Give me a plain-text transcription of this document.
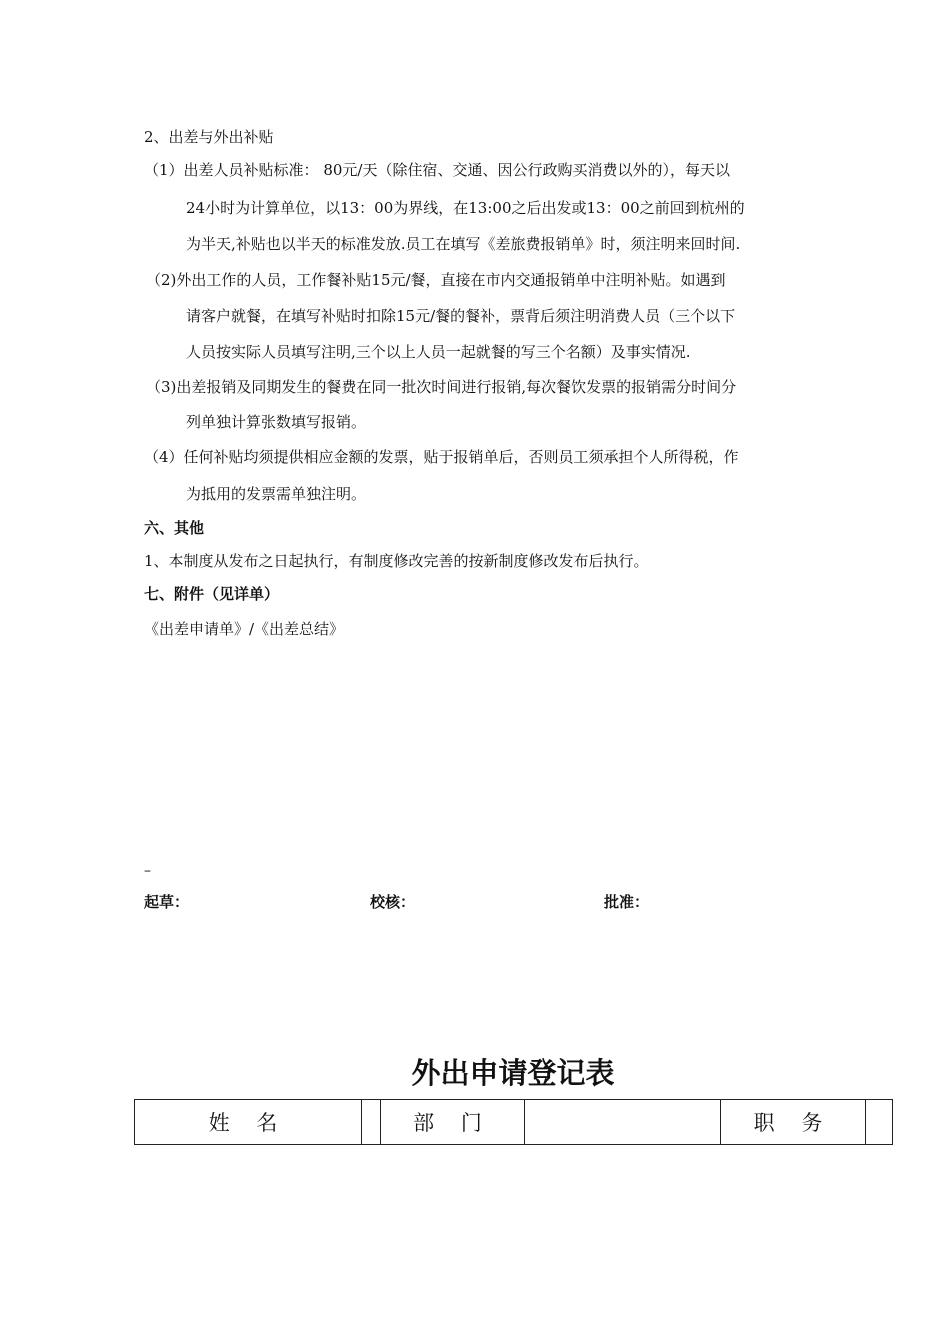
2、出差与外出补贴
（1）出差人员补贴标准： 80元/天（除住宿、交通、因公行政购买消费以外的），每天以
24小时为计算单位，以13：00为界线，在13:00之后出发或13：00之前回到杭州的
为半天,补贴也以半天的标准发放.员工在填写《差旅费报销单》时，须注明来回时间.
（2)外出工作的人员，工作餐补贴15元/餐，直接在市内交通报销单中注明补贴。如遇到
请客户就餐，在填写补贴时扣除15元/餐的餐补，票背后须注明消费人员（三个以下
人员按实际人员填写注明,三个以上人员一起就餐的写三个名额）及事实情况.
（3)出差报销及同期发生的餐费在同一批次时间进行报销,每次餐饮发票的报销需分时间分
列单独计算张数填写报销。
（4）任何补贴均须提供相应金额的发票，贴于报销单后，否则员工须承担个人所得税，作
为抵用的发票需单独注明。
六、其他
1、本制度从发布之日起执行，有制度修改完善的按新制度修改发布后执行。
七、附件（见详单）
《出差申请单》/《出差总结》
–
起草：	校核：	批准：
外出申请登记表
姓 名		部 门		职 务	
